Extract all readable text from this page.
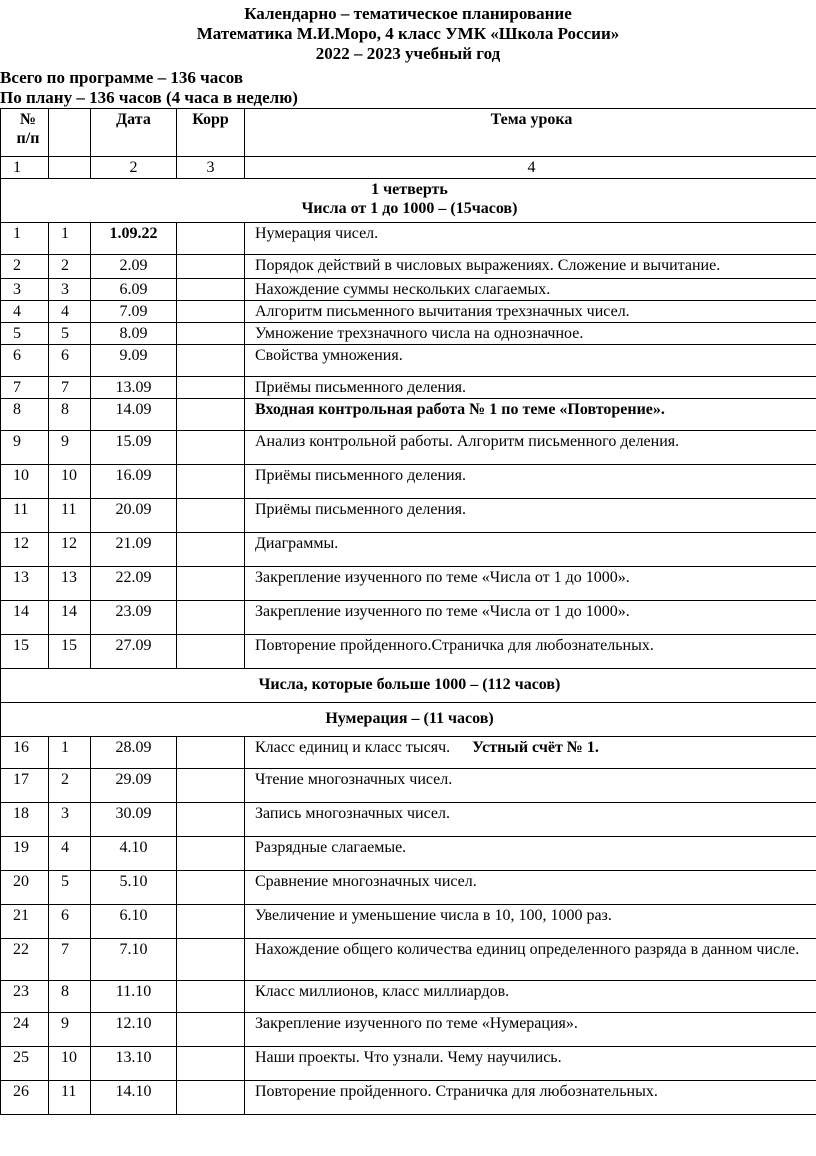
Календарно – тематическое планирование
Математика М.И.Моро, 4 класс УМК «Школа России»
2022 – 2023 учебный год
Всего по программе – 136 часов
По плану – 136 часов (4 часа в неделю)
№ п/п		Дата	Корр	Тема урока
1		2	3	4

1 четверть
Числа от 1 до 1000 – (15часов)				

1	1	1.09.22		Нумерация чисел.
2	2	2.09		Порядок действий в числовых выражениях. Сложение и вычитание.
3	3	6.09		Нахождение суммы нескольких слагаемых.
4	4	7.09		Алгоритм письменного вычитания трехзначных чисел.
5	5	8.09		Умножение трехзначного числа на однозначное.
6	6	9.09		Свойства умножения.
7	7	13.09		Приёмы письменного деления.
8	8	14.09		Входная контрольная работа № 1 по теме «Повторение».
9	9	15.09		Анализ контрольной работы. Алгоритм письменного деления.
10	10	16.09		Приёмы письменного деления.
11	11	20.09		Приёмы письменного деления.
12	12	21.09		Диаграммы.
13	13	22.09		Закрепление изученного по теме «Числа от 1 до 1000».
14	14	23.09		Закрепление изученного по теме «Числа от 1 до 1000».
15	15	27.09		Повторение пройденного.Страничка для любознательных.
Числа, которые больше 1000 – (112 часов)				
Нумерация – (11 часов)				
16	1	28.09		Класс единиц и класс тысяч. Устный счёт № 1.
17	2	29.09		Чтение многозначных чисел.
18	3	30.09		Запись многозначных чисел.
19	4	4.10		Разрядные слагаемые.
20	5	5.10		Сравнение многозначных чисел.
21	6	6.10		Увеличение и уменьшение числа в 10, 100, 1000 раз.
22	7	7.10		Нахождение общего количества единиц определенного разряда в данном числе.
23	8	11.10		Класс миллионов, класс миллиардов.
24	9	12.10		Закрепление изученного по теме «Нумерация».
25	10	13.10		Наши проекты. Что узнали. Чему научились.
26	11	14.10		Повторение пройденного. Страничка для любознательных.
